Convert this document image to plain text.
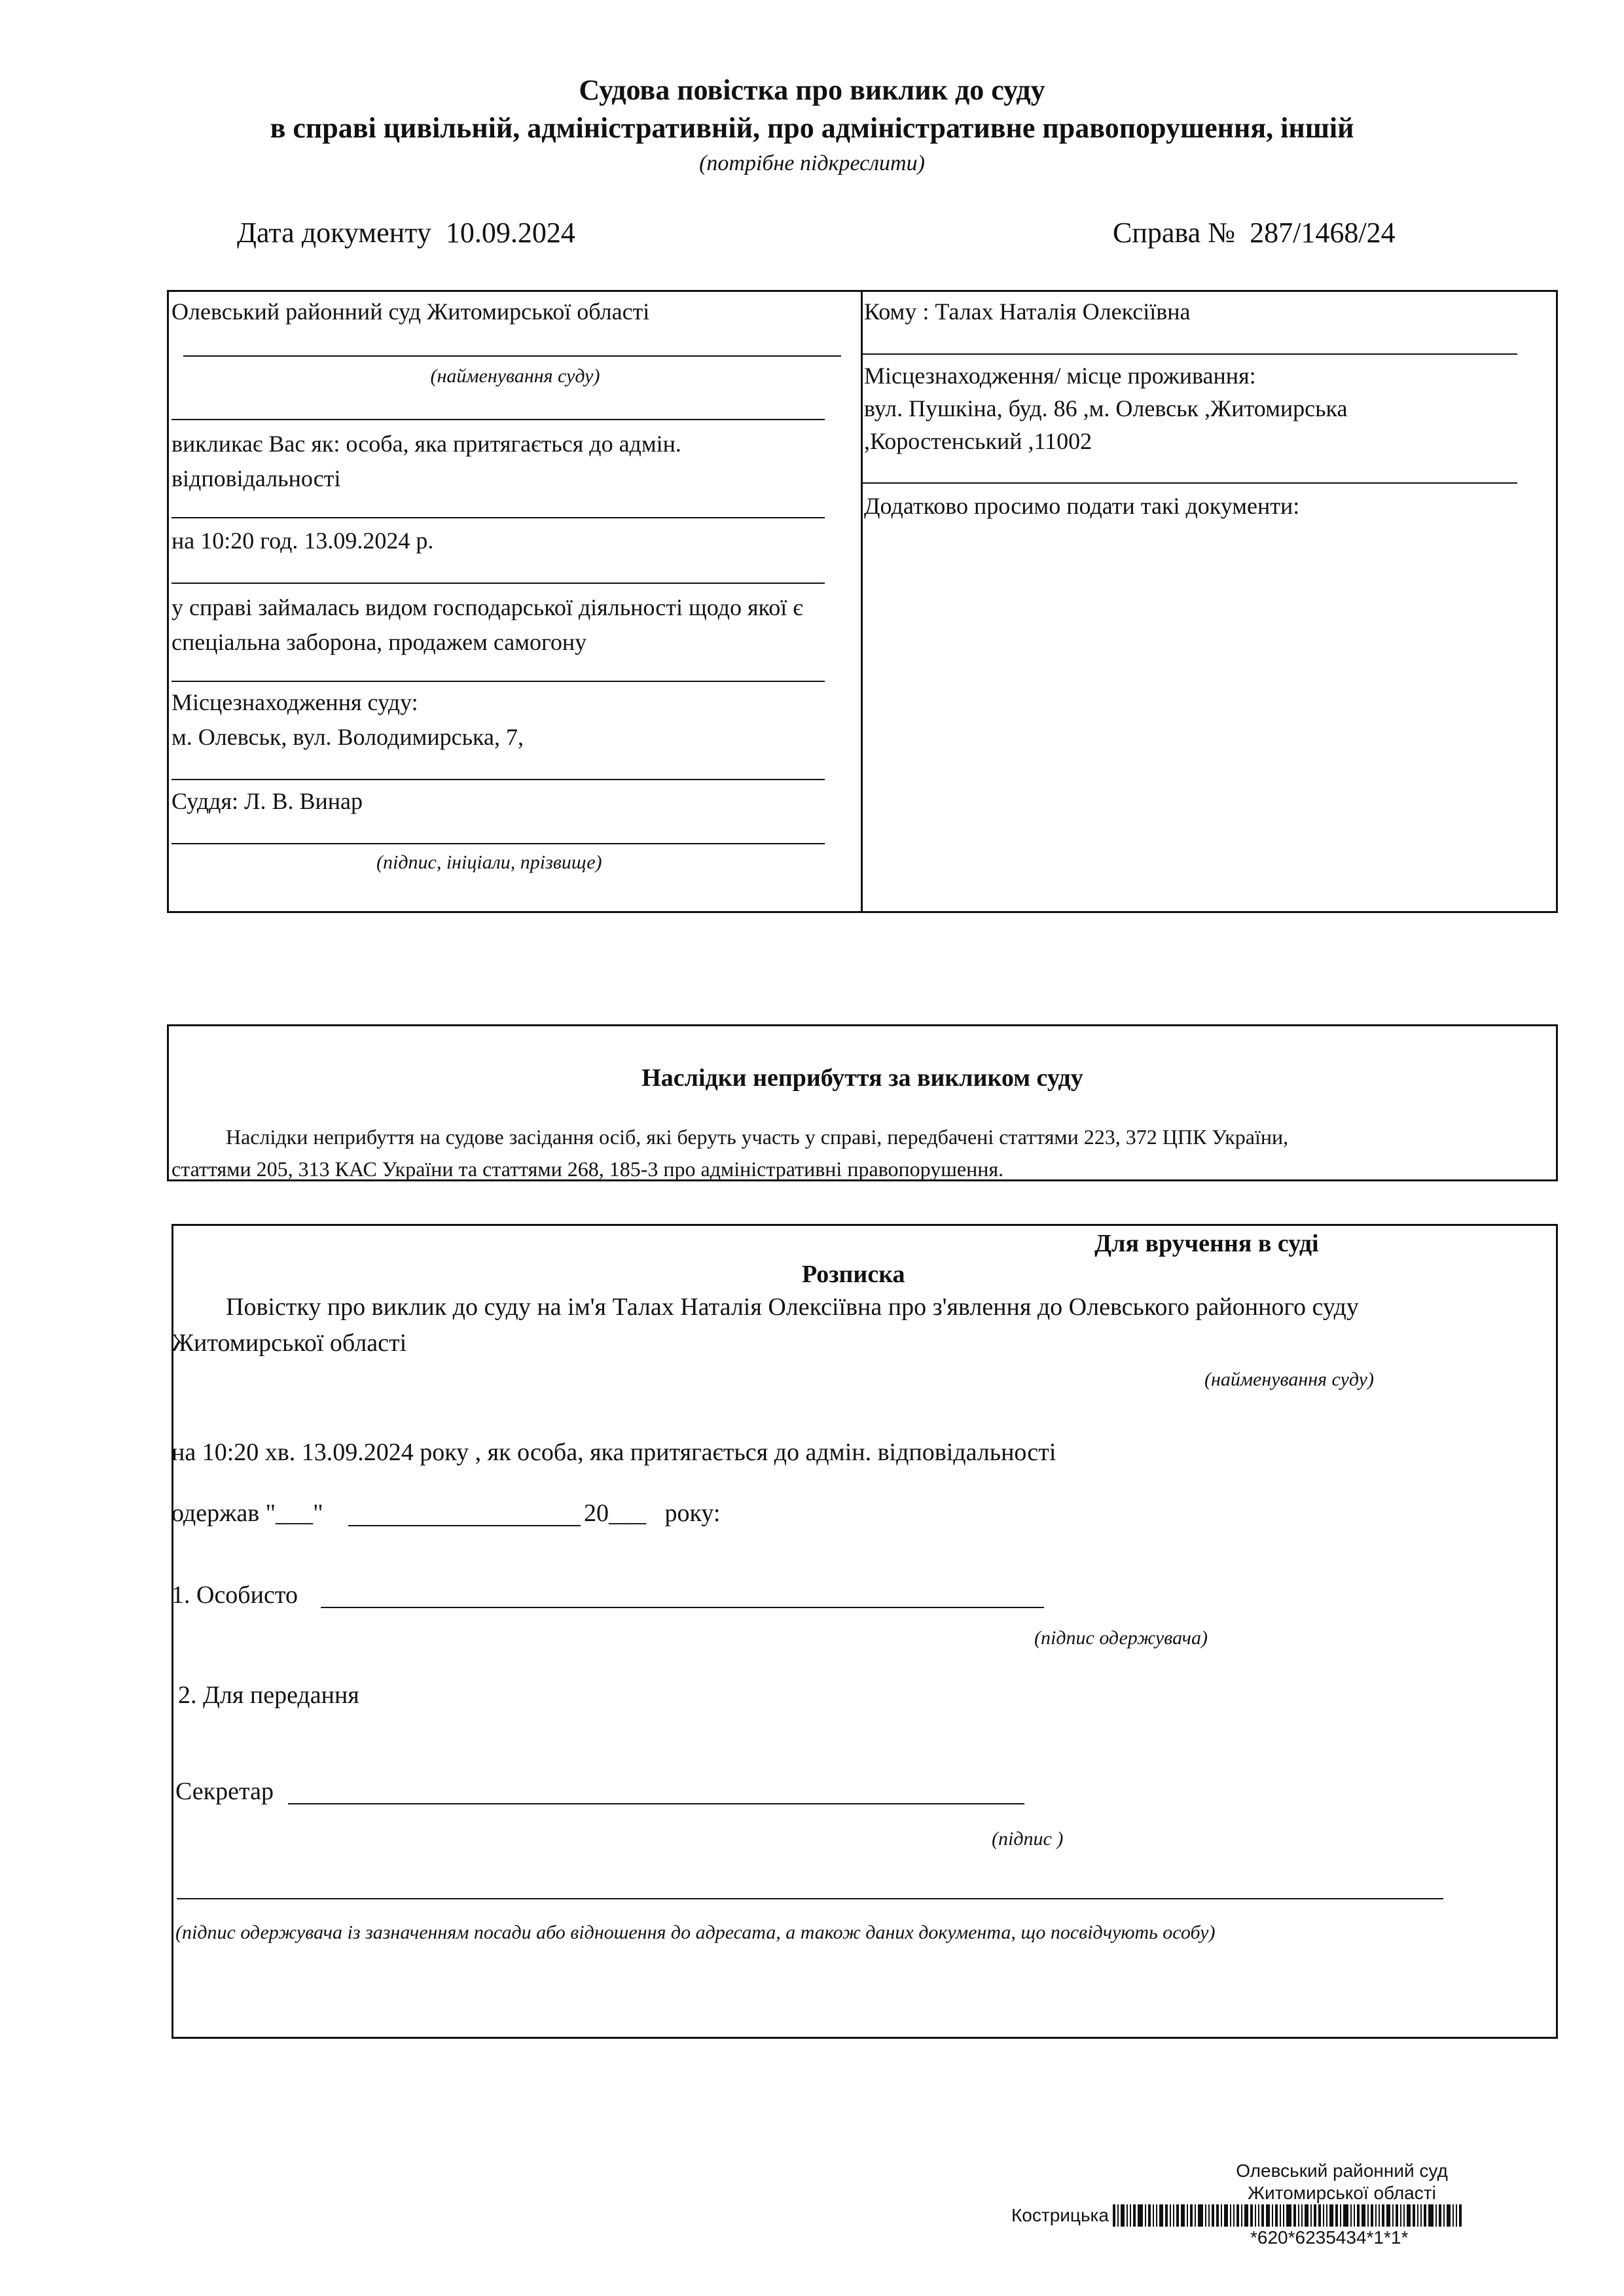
Судова повістка про виклик до суду
в справі цивільній, адміністративній, про адміністративне правопорушення, іншій
(потрібне підкреслити)
Дата документу 10.09.2024	Справа № 287/1468/24
Олевський районний суд Житомирської області
(найменування суду)
викликає Вас як: особа, яка притягається до адмін. відповідальності
на 10:20 год. 13.09.2024 р.
у справі займалась видом господарської діяльності щодо якої є спеціальна заборона, продажем самогону
Місцезнаходження суду:
м. Олевськ, вул. Володимирська, 7,
Суддя: Л. В. Винар
(підпис, ініціали, прізвище)
Кому : Талах Наталія Олексіївна
Місцезнаходження/ місце проживання:
вул. Пушкіна, буд. 86 ,м. Олевськ ,Житомирська
,Коростенський ,11002
Додатково просимо подати такі документи:
Наслідки неприбуття за викликом суду
Наслідки неприбуття на судове засідання осіб, які беруть участь у справі, передбачені статтями 223, 372 ЦПК України,
статтями 205, 313 КАС України та статтями 268, 185-3 про адміністративні правопорушення.
Для вручення в суді
Розписка
Повістку про виклик до суду на ім'я Талах Наталія Олексіївна про з'явлення до Олевського районного суду
Житомирської області
(найменування суду)
на 10:20 хв. 13.09.2024 року , як особа, яка притягається до адмін. відповідальності
одержав "___"	20___ року:
1. Особисто
(підпис одержувача)
2. Для передання
Секретар
(підпис )
(підпис одержувача із зазначенням посади або відношення до адресата, а також даних документа, що посвідчують особу)
Олевський районний суд
Житомирської області
Кострицька
*620*6235434*1*1*
